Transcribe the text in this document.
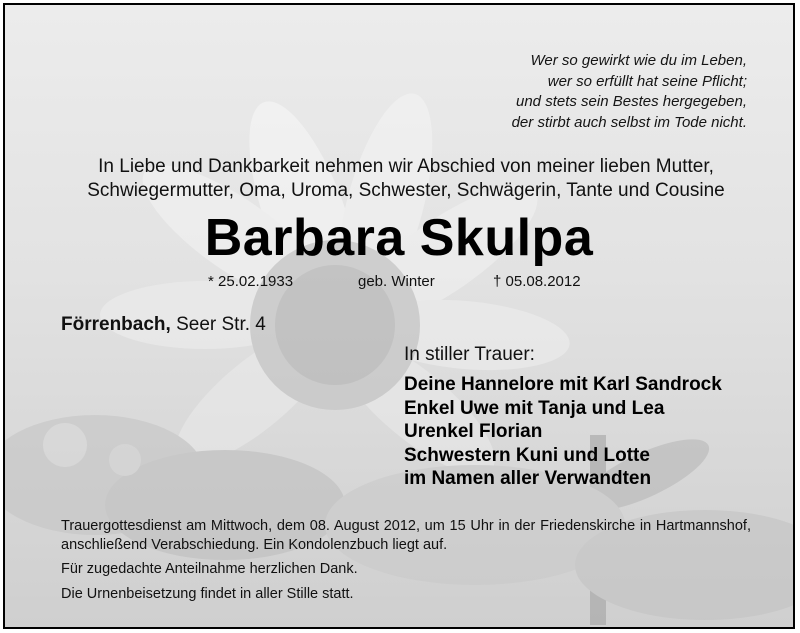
Wer so gewirkt wie du im Leben,
wer so erfüllt hat seine Pflicht;
und stets sein Bestes hergegeben,
der stirbt auch selbst im Tode nicht.
In Liebe und Dankbarkeit nehmen wir Abschied von meiner lieben Mutter,
Schwiegermutter, Oma, Uroma, Schwester, Schwägerin, Tante und Cousine
Barbara Skulpa
* 25.02.1933	geb. Winter	† 05.08.2012
Förrenbach, Seer Str. 4
In stiller Trauer:
Deine Hannelore mit Karl Sandrock
Enkel Uwe mit Tanja und Lea
Urenkel Florian
Schwestern Kuni und Lotte
im Namen aller Verwandten

Trauergottesdienst am Mittwoch, dem 08. August 2012, um 15 Uhr in der Friedenskirche in Hartmannshof, anschließend Verabschiedung. Ein Kondolenzbuch liegt auf.

Für zugedachte Anteilnahme herzlichen Dank.

Die Urnenbeisetzung findet in aller Stille statt.
